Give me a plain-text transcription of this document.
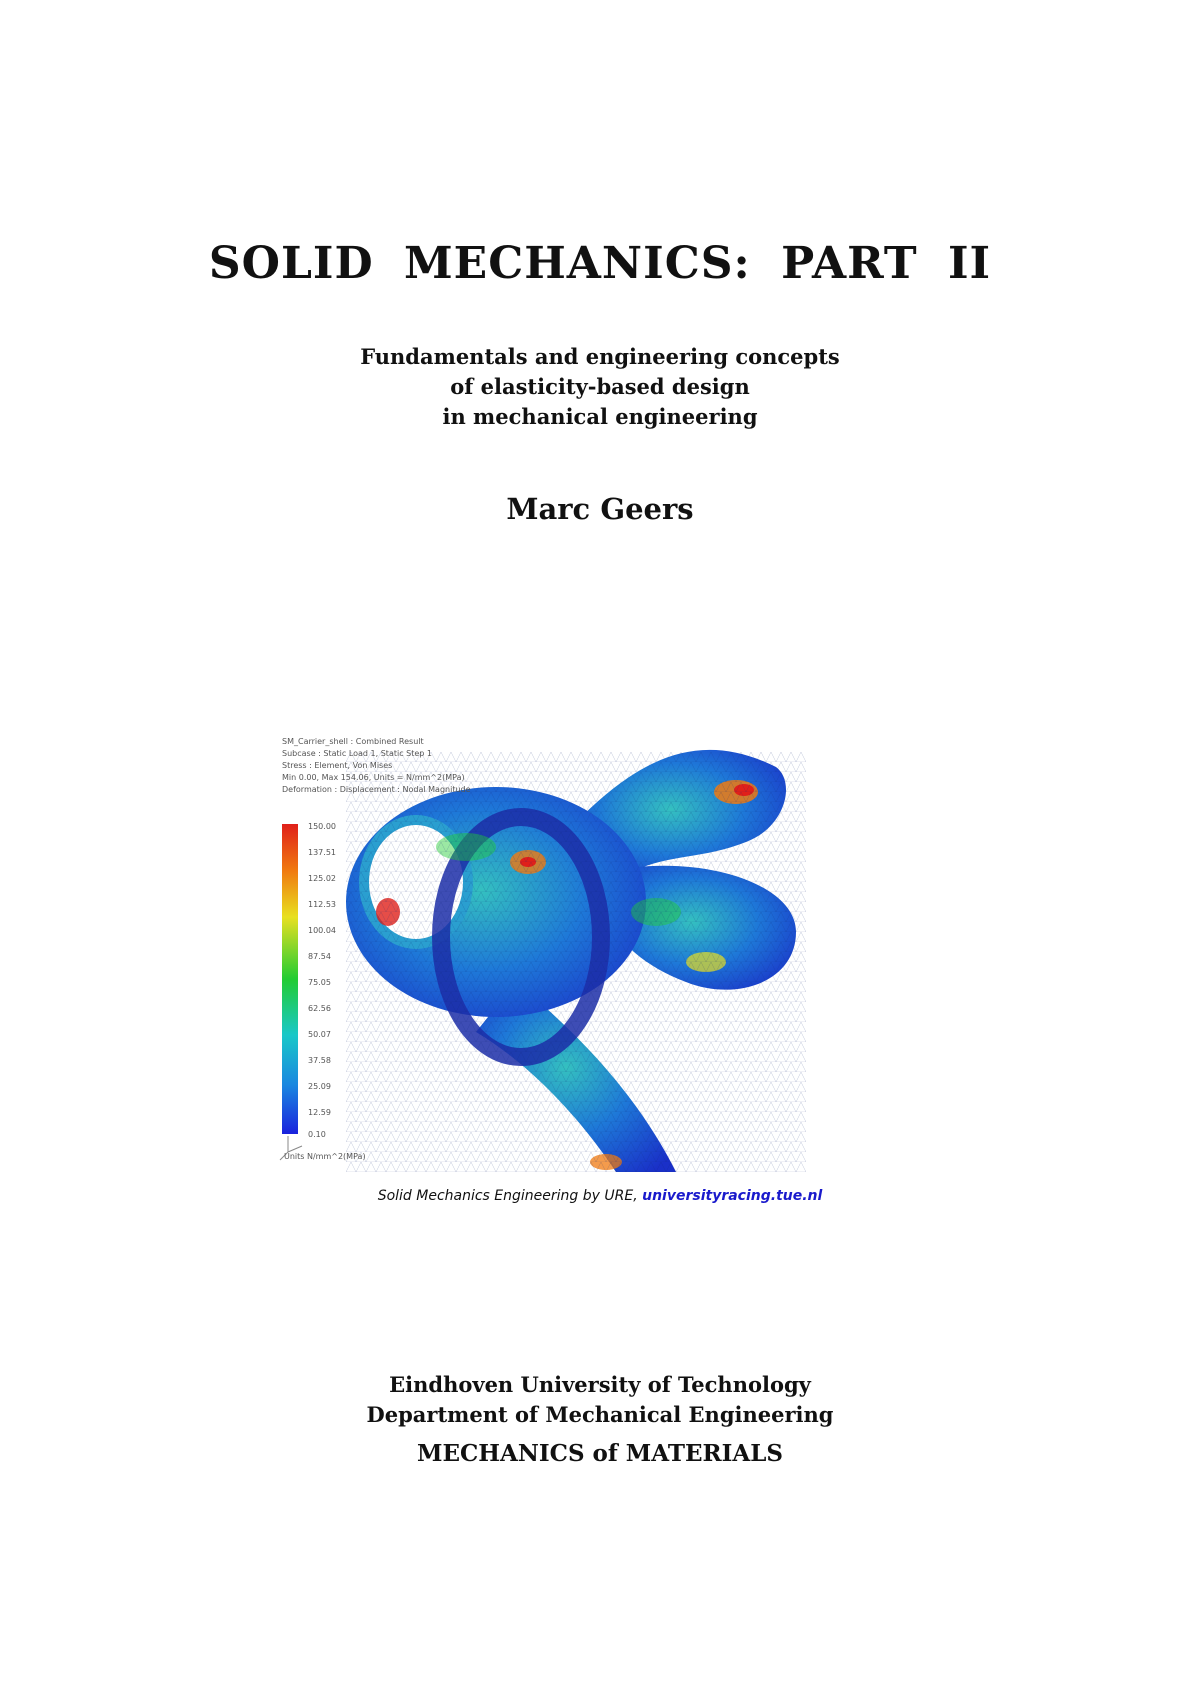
SOLID MECHANICS: PART II
Fundamentals and engineering concepts
of elasticity-based design
in mechanical engineering
Marc Geers
SM_Carrier_shell : Combined Result
Subcase : Static Load 1, Static Step 1
Stress : Element, Von Mises
Min 0.00, Max 154.06, Units = N/mm^2(MPa)
Deformation : Displacement : Nodal Magnitude
150.00
137.51
125.02
112.53
100.04
87.54
75.05
62.56
50.07
37.58
25.09
12.59
0.10
Units N/mm^2(MPa)
Solid Mechanics Engineering by URE, universityracing.tue.nl
Eindhoven University of Technology
Department of Mechanical Engineering
MECHANICS of MATERIALS
